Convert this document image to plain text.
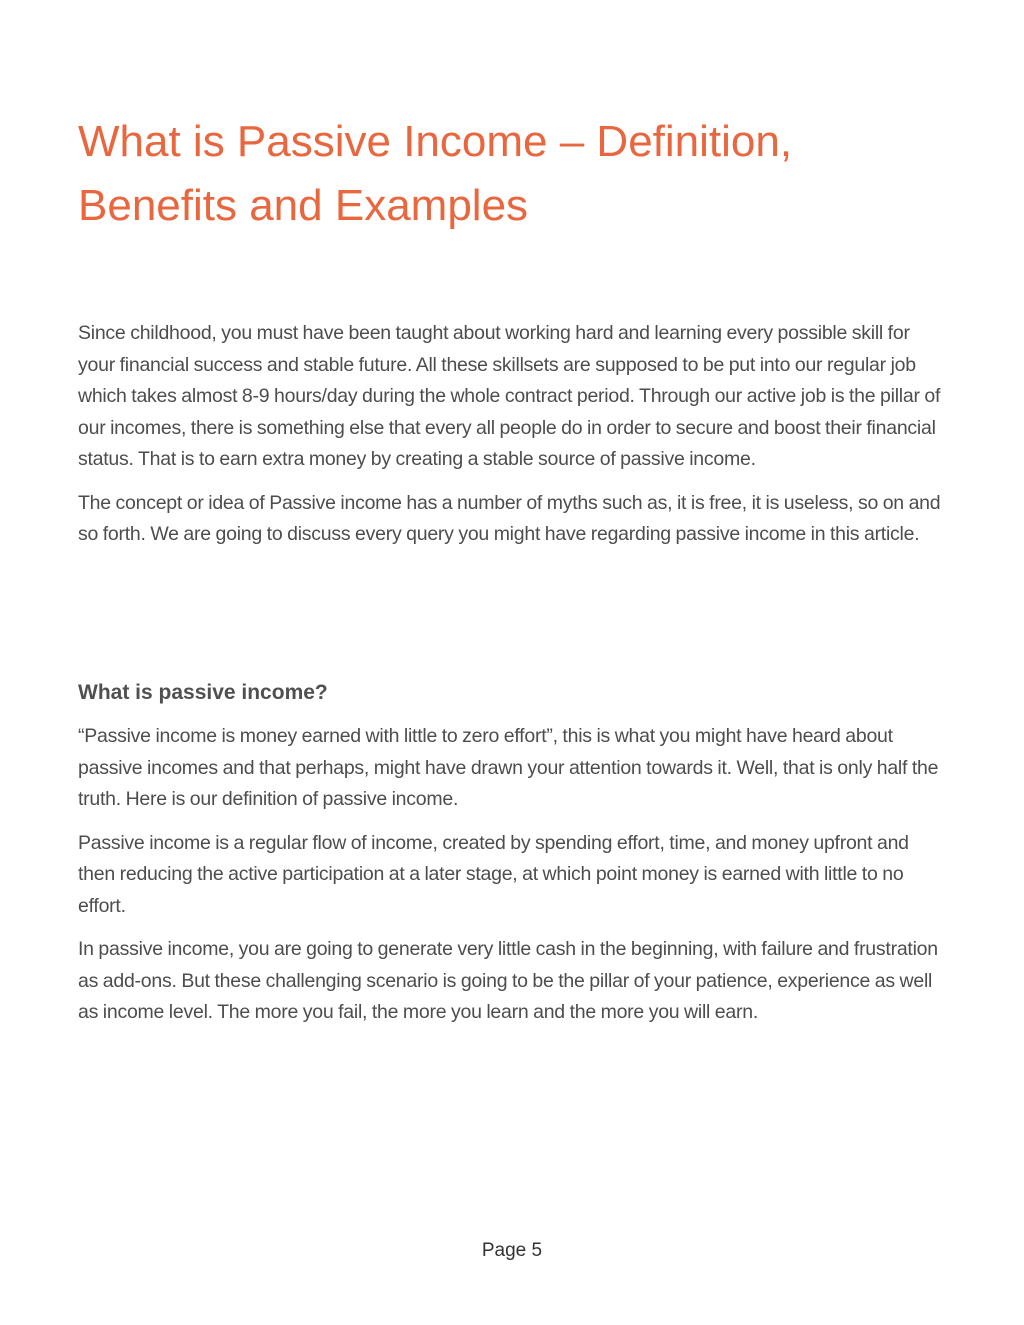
What is Passive Income – Definition,
Benefits and Examples

Since childhood, you must have been taught about working hard and learning every possible skill for your financial success and stable future. All these skillsets are supposed to be put into our regular job which takes almost 8-9 hours/day during the whole contract period. Through our active job is the pillar of our incomes, there is something else that every all people do in order to secure and boost their financial status. That is to earn extra money by creating a stable source of passive income.

The concept or idea of Passive income has a number of myths such as, it is free, it is useless, so on and so forth. We are going to discuss every query you might have regarding passive income in this article.

What is passive income?

“Passive income is money earned with little to zero effort”, this is what you might have heard about passive incomes and that perhaps, might have drawn your attention towards it. Well, that is only half the truth. Here is our definition of passive income.

Passive income is a regular flow of income, created by spending effort, time, and money upfront and then reducing the active participation at a later stage, at which point money is earned with little to no effort.

In passive income, you are going to generate very little cash in the beginning, with failure and frustration as add-ons. But these challenging scenario is going to be the pillar of your patience, experience as well as income level. The more you fail, the more you learn and the more you will earn.

Page 5
